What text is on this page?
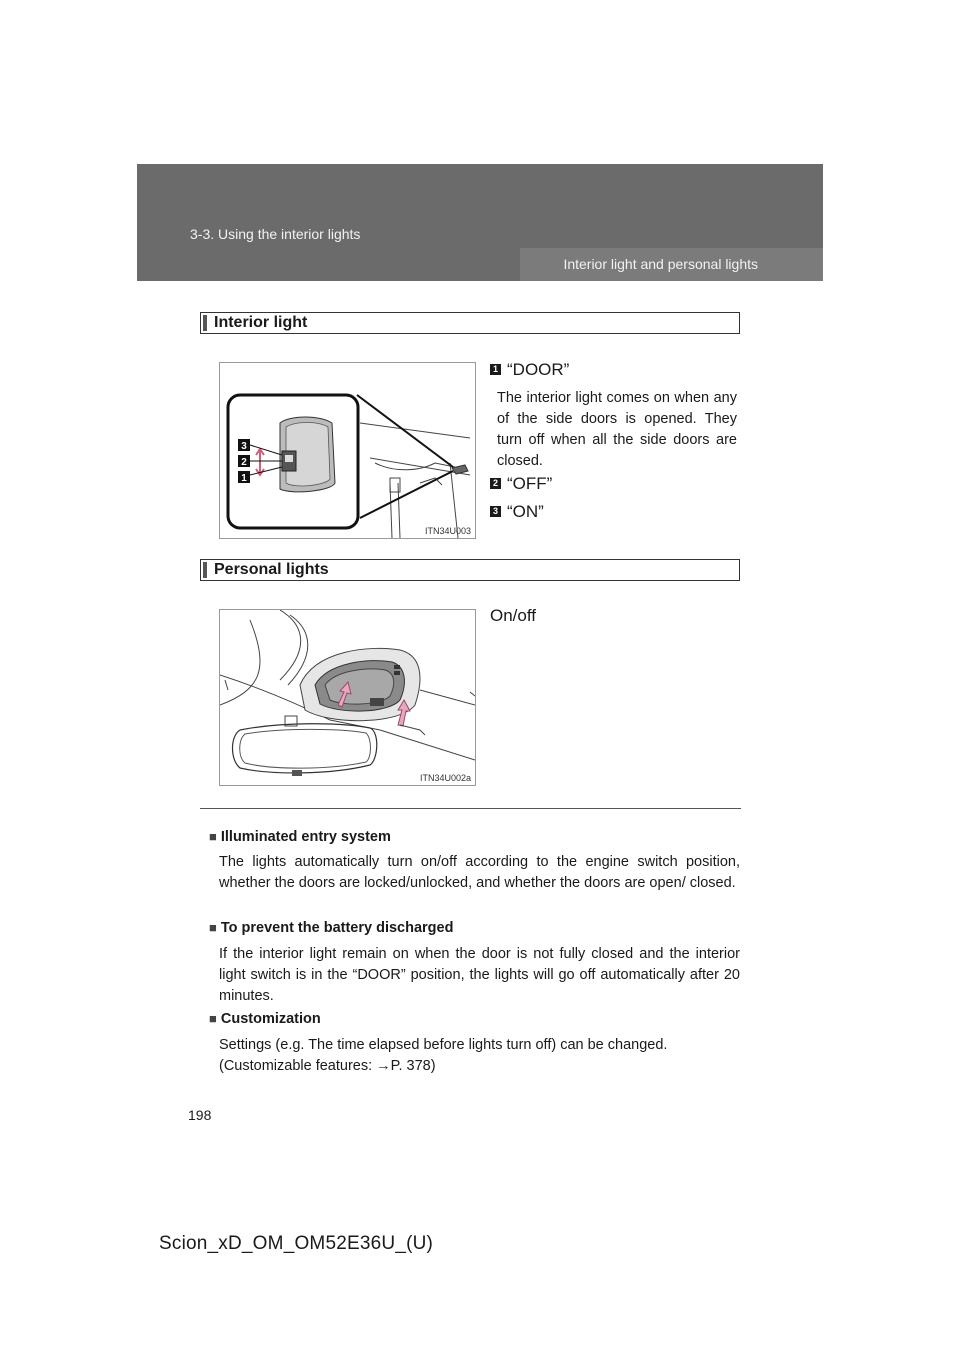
3-3. Using the interior lights
Interior light and personal lights
Interior light
3
2
1
ITN34U003
1 “DOOR”
The interior light comes on when any of the side doors is opened. They turn off when all the side doors are closed.
2 “OFF”
3 “ON”
Personal lights
ITN34U002a
On/off
■ Illuminated entry system
The lights automatically turn on/off according to the engine switch position, whether the doors are locked/unlocked, and whether the doors are open/ closed.
■ To prevent the battery discharged
If the interior light remain on when the door is not fully closed and the interior light switch is in the “DOOR” position, the lights will go off automatically after 20 minutes.
■ Customization
Settings (e.g. The time elapsed before lights turn off) can be changed.
(Customizable features: →P. 378)
198
Scion_xD_OM_OM52E36U_(U)
